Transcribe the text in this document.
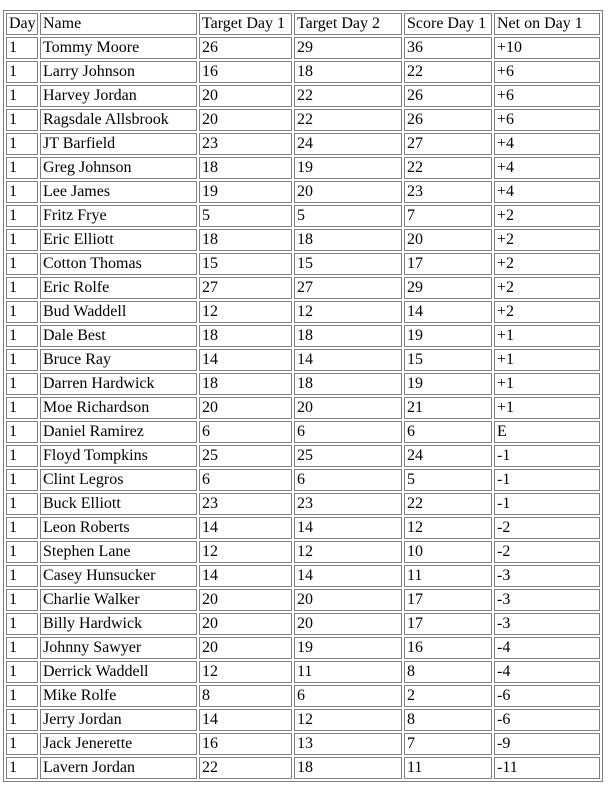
Day	Name	Target Day 1	Target Day 2	Score Day 1	Net on Day 1
1	Tommy Moore	26	29	36	+10
1	Larry Johnson	16	18	22	+6
1	Harvey Jordan	20	22	26	+6
1	Ragsdale Allsbrook	20	22	26	+6
1	JT Barfield	23	24	27	+4
1	Greg Johnson	18	19	22	+4
1	Lee James	19	20	23	+4
1	Fritz Frye	5	5	7	+2
1	Eric Elliott	18	18	20	+2
1	Cotton Thomas	15	15	17	+2
1	Eric Rolfe	27	27	29	+2
1	Bud Waddell	12	12	14	+2
1	Dale Best	18	18	19	+1
1	Bruce Ray	14	14	15	+1
1	Darren Hardwick	18	18	19	+1
1	Moe Richardson	20	20	21	+1
1	Daniel Ramirez	6	6	6	E
1	Floyd Tompkins	25	25	24	-1
1	Clint Legros	6	6	5	-1
1	Buck Elliott	23	23	22	-1
1	Leon Roberts	14	14	12	-2
1	Stephen Lane	12	12	10	-2
1	Casey Hunsucker	14	14	11	-3
1	Charlie Walker	20	20	17	-3
1	Billy Hardwick	20	20	17	-3
1	Johnny Sawyer	20	19	16	-4
1	Derrick Waddell	12	11	8	-4
1	Mike Rolfe	8	6	2	-6
1	Jerry Jordan	14	12	8	-6
1	Jack Jenerette	16	13	7	-9
1	Lavern Jordan	22	18	11	-11
